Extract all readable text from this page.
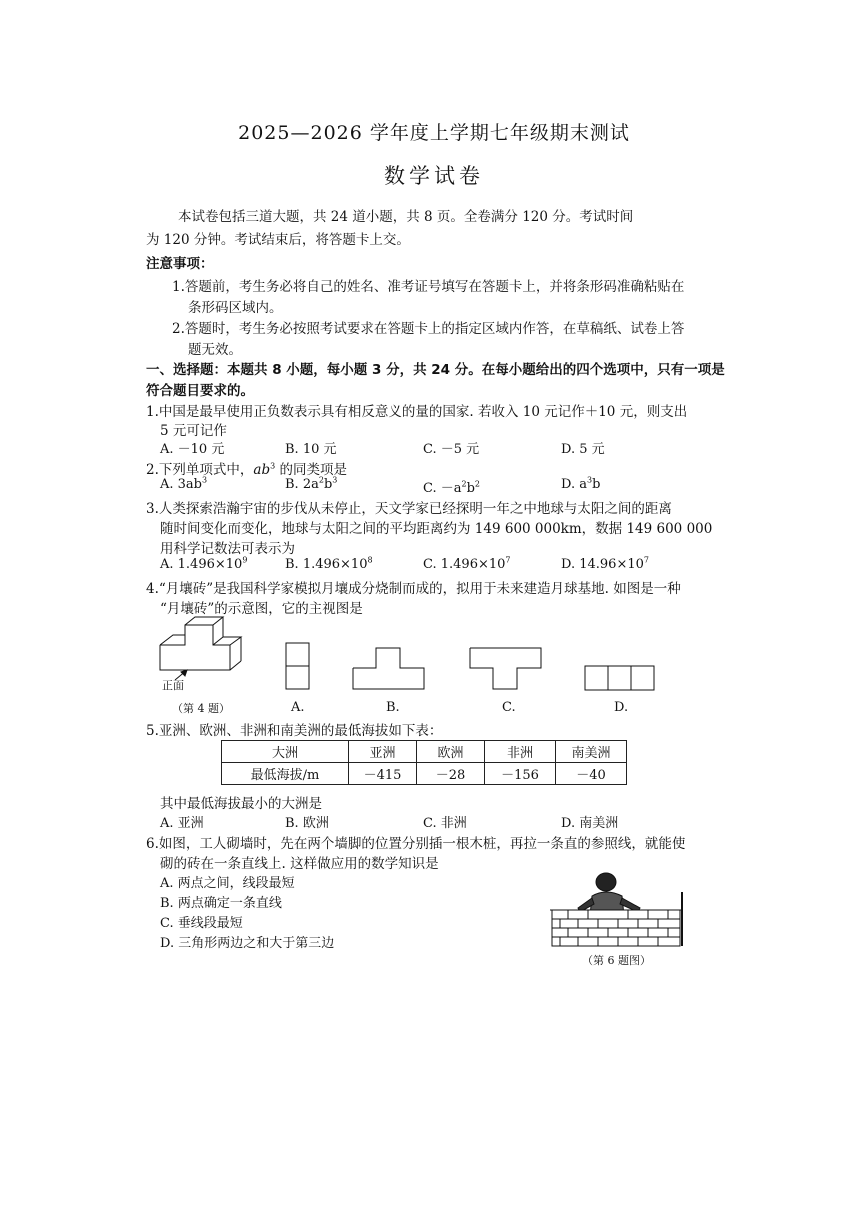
2025—2026 学年度上学期七年级期末测试
数学试卷
本试卷包括三道大题，共 24 道小题，共 8 页。全卷满分 120 分。考试时间
为 120 分钟。考试结束后，将答题卡上交。
注意事项：
1.答题前，考生务必将自己的姓名、准考证号填写在答题卡上，并将条形码准确粘贴在
条形码区域内。
2.答题时，考生务必按照考试要求在答题卡上的指定区域内作答，在草稿纸、试卷上答
题无效。
一、选择题：本题共 8 小题，每小题 3 分，共 24 分。在每小题给出的四个选项中，只有一项是
符合题目要求的。
1.中国是最早使用正负数表示具有相反意义的量的国家. 若收入 10 元记作＋10 元，则支出
5 元可记作
A. －10 元	B. 10 元	C. －5 元	D. 5 元
2.下列单项式中，$ab^3$ 的同类项是
A. $3ab^3$	B. $2a^2b^3$
C. $-a^2b^2$	D. $a^3b$
3.人类探索浩瀚宇宙的步伐从未停止，天文学家已经探明一年之中地球与太阳之间的距离
随时间变化而变化，地球与太阳之间的平均距离约为 149 600 000km，数据 149 600 000
用科学记数法可表示为
A. $1.496\times 10^9$	B. $1.496\times 10^8$	C. $1.496\times 10^7$	D. $14.96\times 10^7$
4.“月壤砖”是我国科学家模拟月壤成分烧制而成的，拟用于未来建造月球基地. 如图是一种
“月壤砖”的示意图，它的主视图是
正面
（第 4 题）	A.	B.	C.	D.
5.亚洲、欧洲、非洲和南美洲的最低海拔如下表：
大洲	亚洲	欧洲	非洲	南美洲
最低海拔/m	－415	－28	－156	－40
其中最低海拔最小的大洲是
A. 亚洲	B. 欧洲	C. 非洲	D. 南美洲
6.如图，工人砌墙时，先在两个墙脚的位置分别插一根木桩，再拉一条直的参照线，就能使
砌的砖在一条直线上. 这样做应用的数学知识是
A. 两点之间，线段最短
B. 两点确定一条直线
C. 垂线段最短
D. 三角形两边之和大于第三边
（第 6 题图）
